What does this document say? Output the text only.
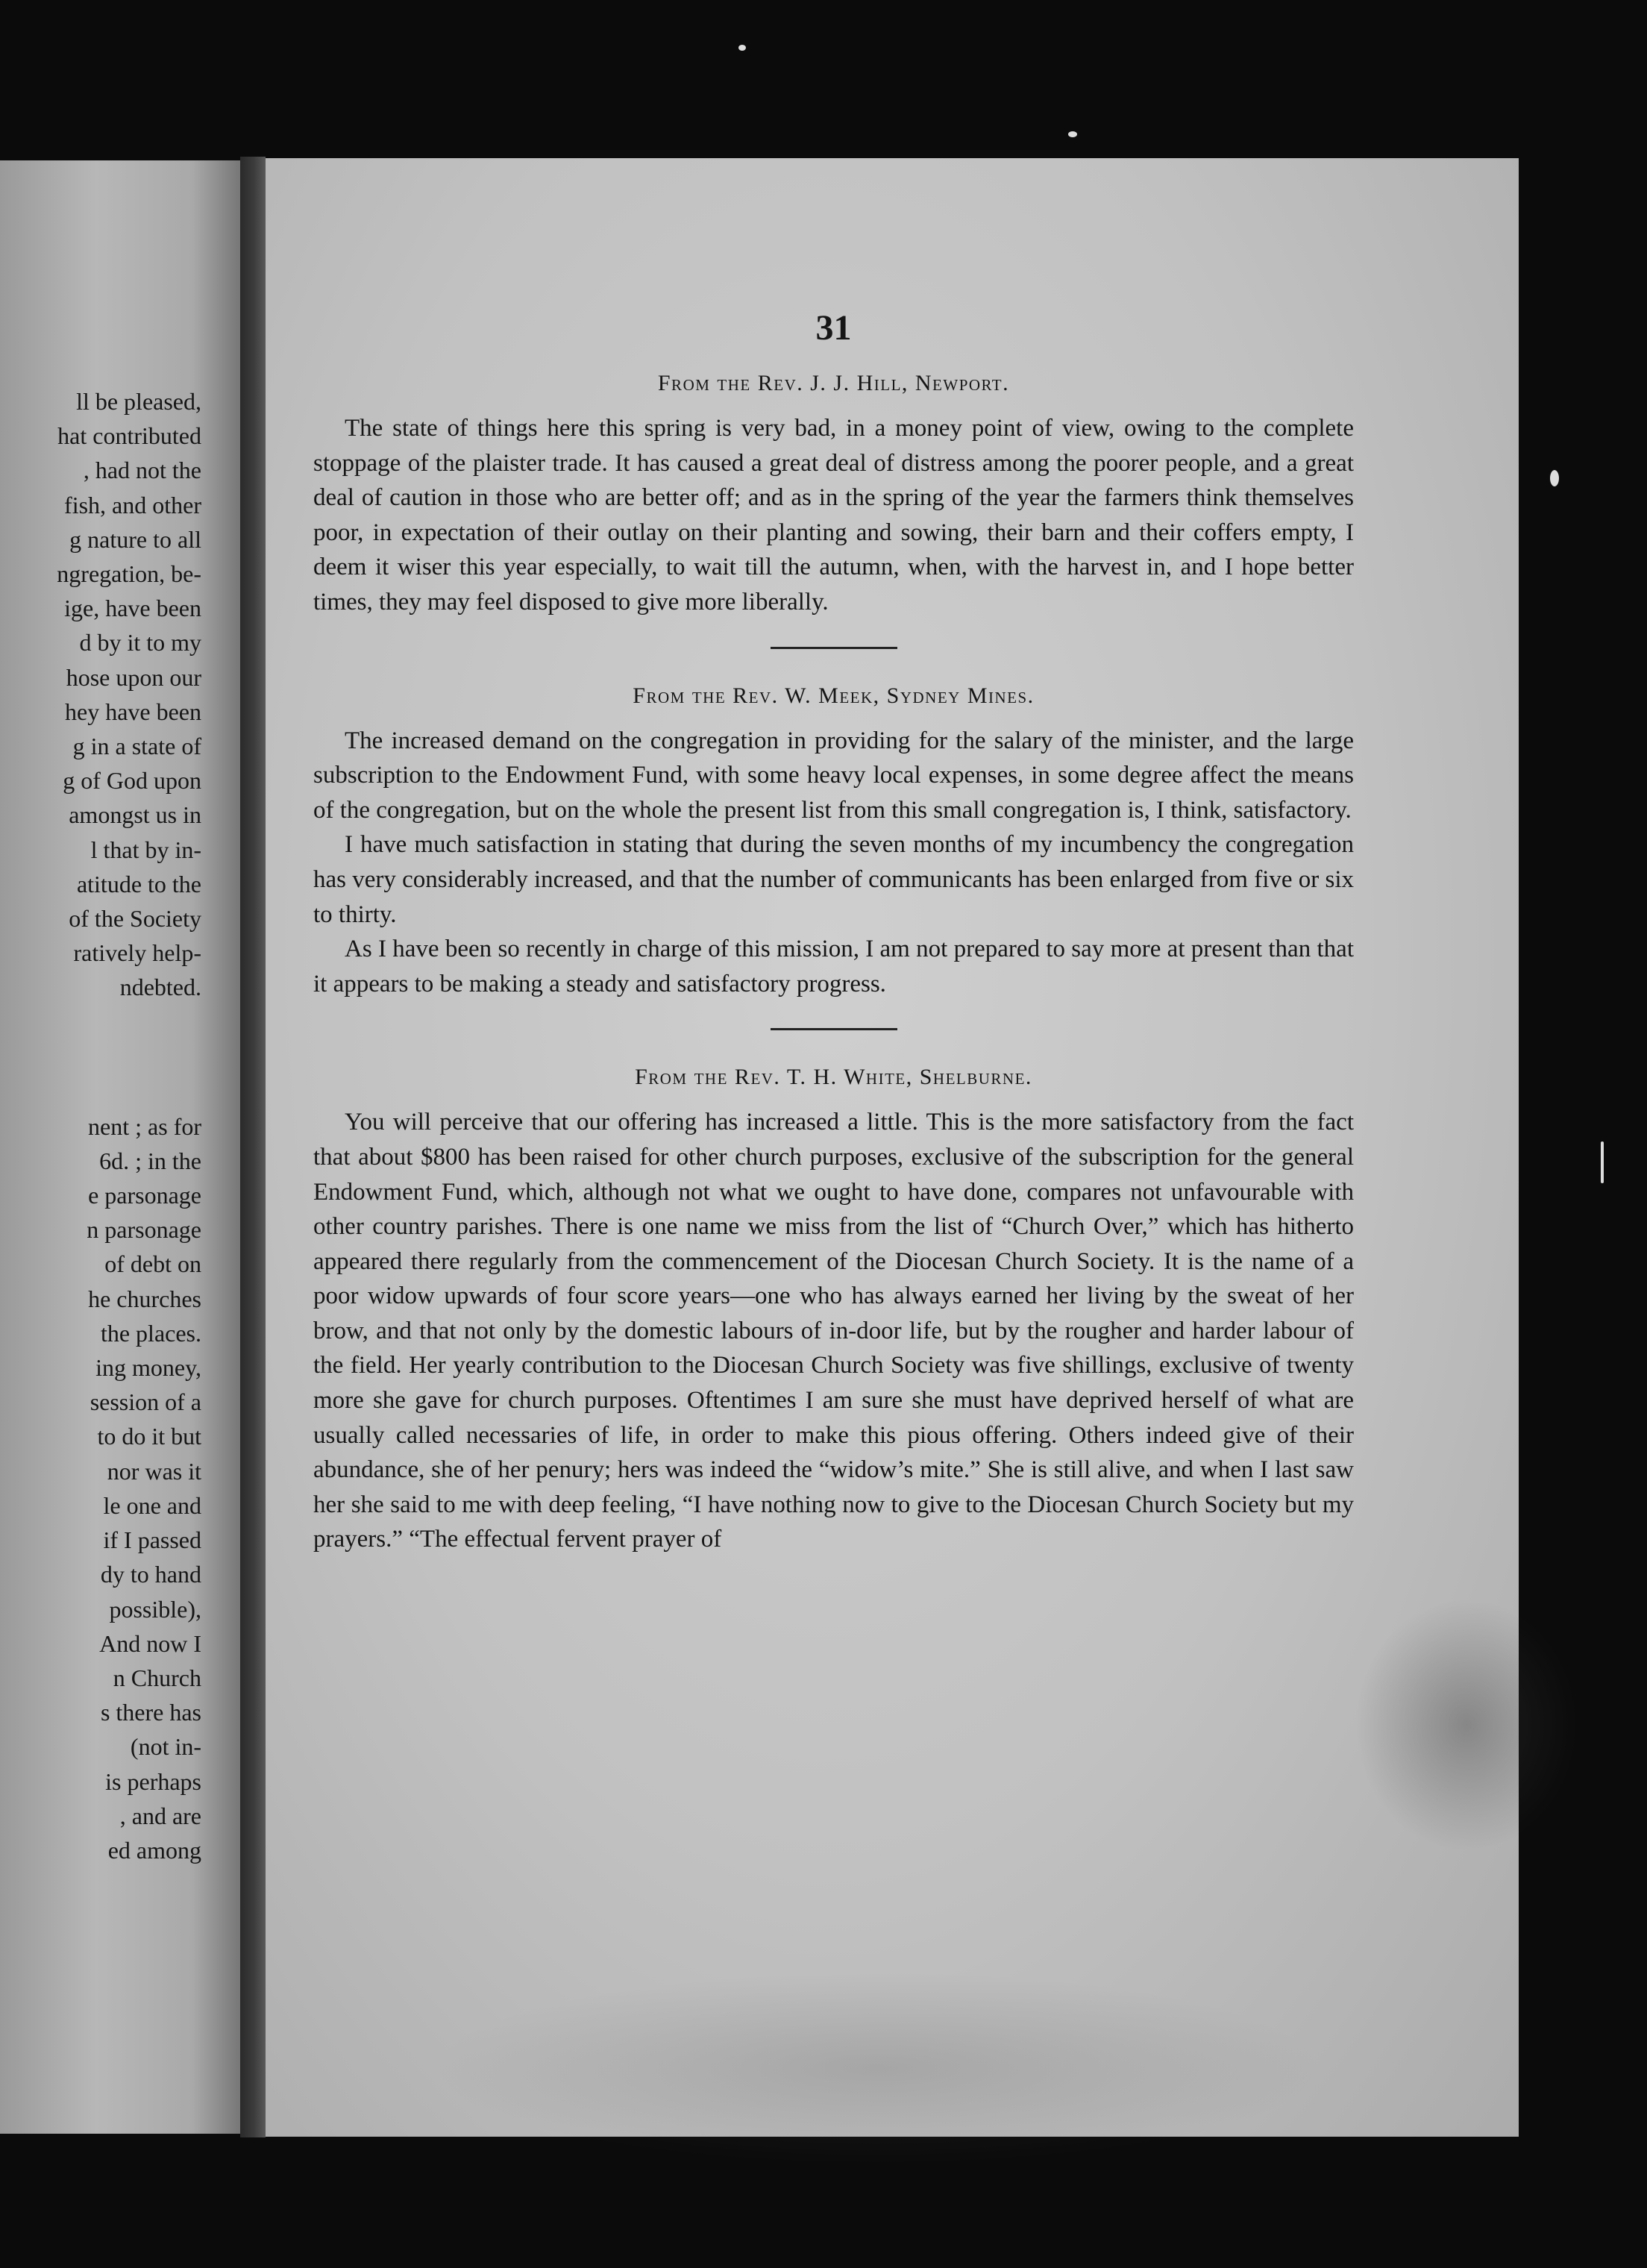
ll be pleased,
hat contributed
, had not the
fish, and other
g nature to all
ngregation, be-
ige, have been
d by it to my
hose upon our
hey have been
g in a state of
g of God upon
amongst us in
l that by in-
atitude to the
of the Society
ratively help-
ndebted.
nent ; as for
6d. ; in the
e parsonage
n parsonage
of debt on
he churches
the places.
ing money,
session of a
to do it but
nor was it
le one and
if I passed
dy to hand
possible),
And now I
n Church
s there has
(not in-
is perhaps
, and are
ed among
31
From the Rev. J. J. Hill, Newport.

The state of things here this spring is very bad, in a money point of view, owing to the complete stoppage of the plaister trade. It has caused a great deal of distress among the poorer people, and a great deal of caution in those who are better off; and as in the spring of the year the farmers think themselves poor, in expectation of their outlay on their planting and sowing, their barn and their coffers empty, I deem it wiser this year especially, to wait till the autumn, when, with the harvest in, and I hope better times, they may feel disposed to give more liberally.

From the Rev. W. Meek, Sydney Mines.

The increased demand on the congregation in providing for the salary of the minister, and the large subscription to the Endowment Fund, with some heavy local expenses, in some degree affect the means of the congregation, but on the whole the present list from this small congregation is, I think, satisfactory.

I have much satisfaction in stating that during the seven months of my incumbency the congregation has very considerably increased, and that the number of communicants has been enlarged from five or six to thirty.

As I have been so recently in charge of this mission, I am not prepared to say more at present than that it appears to be making a steady and satisfactory progress.

From the Rev. T. H. White, Shelburne.

You will perceive that our offering has increased a little. This is the more satisfactory from the fact that about $800 has been raised for other church purposes, exclusive of the subscription for the general Endowment Fund, which, although not what we ought to have done, compares not unfavourable with other country parishes. There is one name we miss from the list of “Church Over,” which has hitherto appeared there regularly from the commencement of the Diocesan Church Society. It is the name of a poor widow upwards of four score years—one who has always earned her living by the sweat of her brow, and that not only by the domestic labours of in-door life, but by the rougher and harder labour of the field. Her yearly contribution to the Diocesan Church Society was five shillings, exclusive of twenty more she gave for church purposes. Oftentimes I am sure she must have deprived herself of what are usually called necessaries of life, in order to make this pious offering. Others indeed give of their abundance, she of her penury; hers was indeed the “widow’s mite.” She is still alive, and when I last saw her she said to me with deep feeling, “I have nothing now to give to the Diocesan Church Society but my prayers.” “The effectual fervent prayer of
